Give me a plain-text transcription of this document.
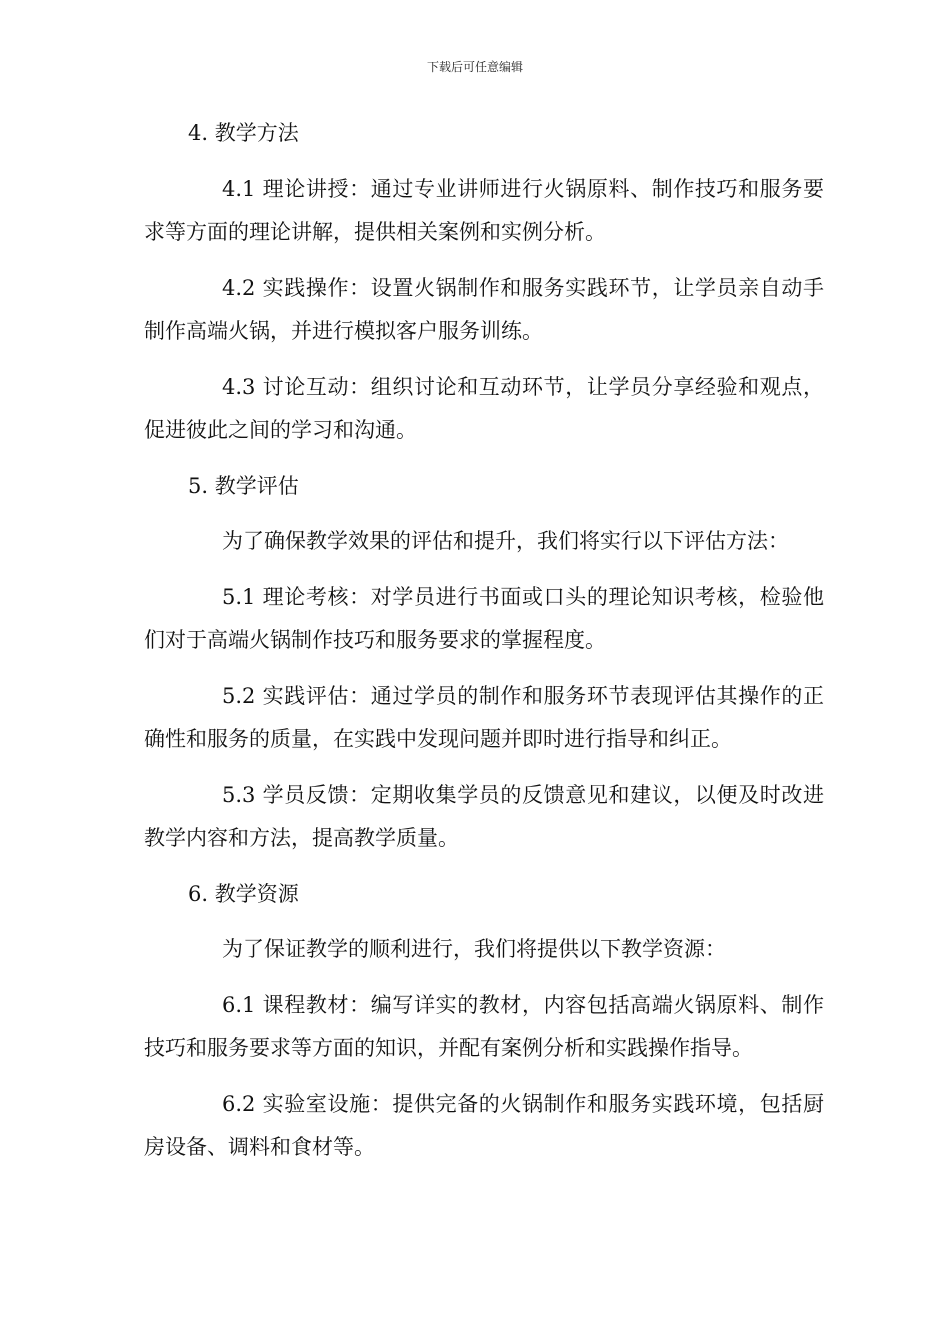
下载后可任意编辑
4. 教学方法
4.1 理论讲授：通过专业讲师进行火锅原料、制作技巧和服务要求等方面的理论讲解，提供相关案例和实例分析。
4.2 实践操作：设置火锅制作和服务实践环节，让学员亲自动手制作高端火锅，并进行模拟客户服务训练。
4.3 讨论互动：组织讨论和互动环节，让学员分享经验和观点，促进彼此之间的学习和沟通。
5. 教学评估
为了确保教学效果的评估和提升，我们将实行以下评估方法：
5.1 理论考核：对学员进行书面或口头的理论知识考核，检验他们对于高端火锅制作技巧和服务要求的掌握程度。
5.2 实践评估：通过学员的制作和服务环节表现评估其操作的正确性和服务的质量，在实践中发现问题并即时进行指导和纠正。
5.3 学员反馈：定期收集学员的反馈意见和建议，以便及时改进教学内容和方法，提高教学质量。
6. 教学资源
为了保证教学的顺利进行，我们将提供以下教学资源：
6.1 课程教材：编写详实的教材，内容包括高端火锅原料、制作技巧和服务要求等方面的知识，并配有案例分析和实践操作指导。
6.2 实验室设施：提供完备的火锅制作和服务实践环境，包括厨房设备、调料和食材等。
